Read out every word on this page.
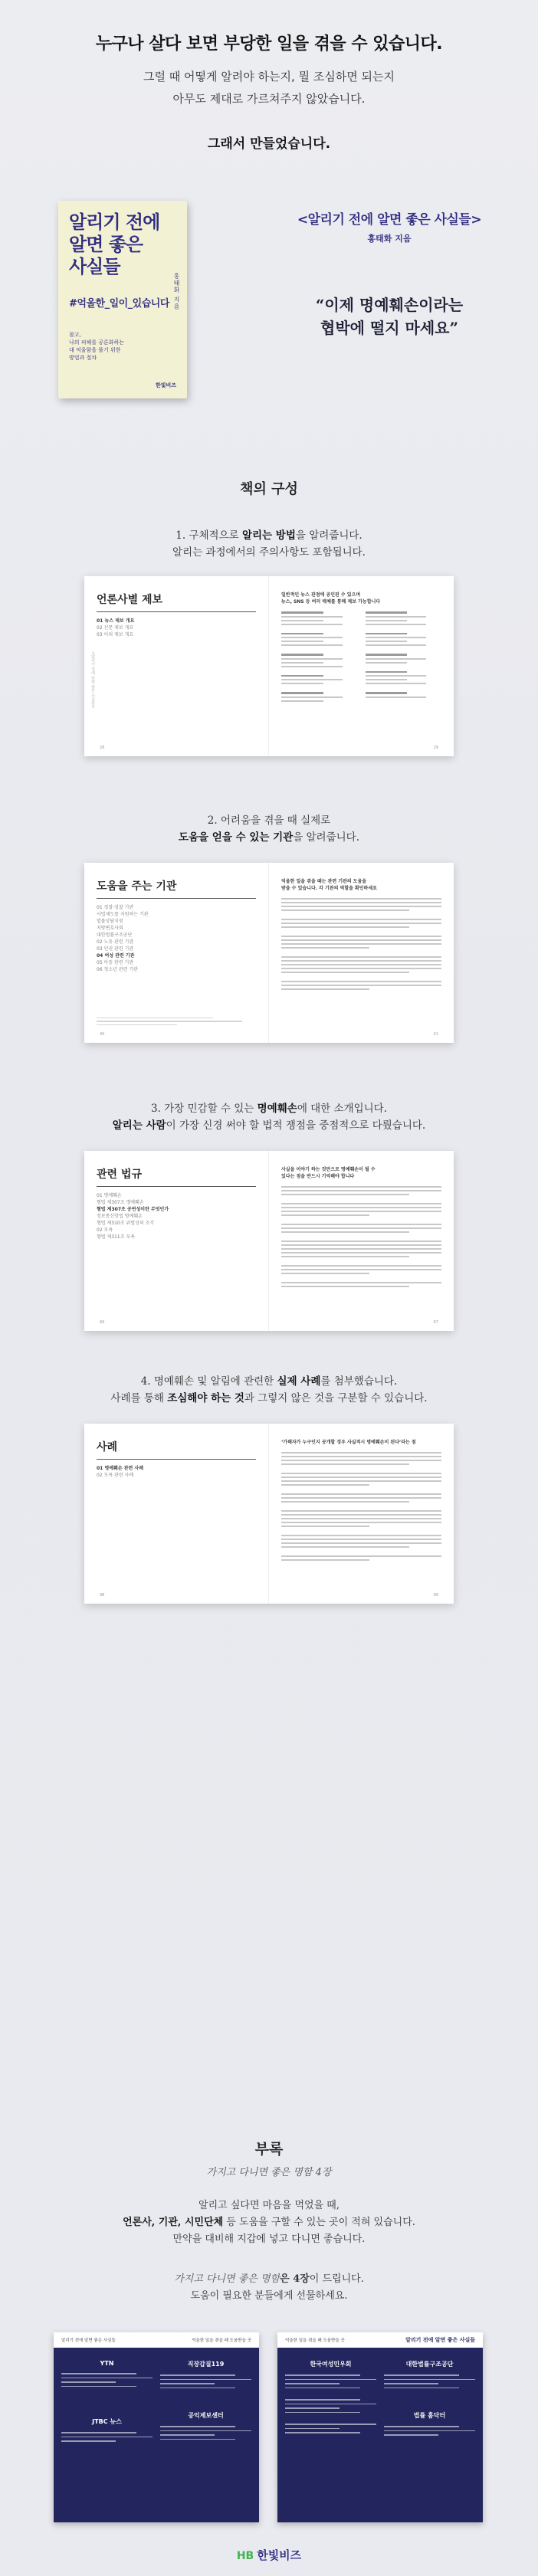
누구나 살다 보면 부당한 일을 겪을 수 있습니다.
그럴 때 어떻게 알려야 하는지, 뭘 조심하면 되는지
아무도 제대로 가르쳐주지 않았습니다.
그래서 만들었습니다.
알리기 전에 알면 좋은 사실들
홍태화 지음
#억울한_일이_있습니다
참고,
나의 피해를 공론화하는
대 억울함을 풀기 위한
방법과 절차
한빛비즈
<알리기 전에 알면 좋은 사실들>
홍태화 지음
“이제 명예훼손이라는
협박에 떨지 마세요”
책의 구성
1. 구체적으로 알리는 방법을 알려줍니다.
알리는 과정에서의 주의사항도 포함됩니다.
언론사별 제보
01 뉴스 제보 개요
02 신문 제보 개요
03 이외 제보 개요
<알리기 전에 알면 좋은 사실들>
28
일반적인 뉴스 관점에 공인된 수 있으며
뉴스, SNS 등 여러 매체를 통해 제보 가능합니다
29
2. 어려움을 겪을 때 실제로
도움을 얻을 수 있는 기관을 알려줍니다.
도움을 주는 기관
01 경찰·검찰 기관
사법제도를 지원하는 기관
법률상담지원
지방변호사회
대한법률구조공단
02 노동 관련 기관
03 인권 관련 기관
04 여성 관련 기관
05 아동 관련 기관
06 청소년 관련 기관
40
억울한 일을 겪을 때는 관련 기관의 도움을
받을 수 있습니다. 각 기관의 역할을 확인하세요
41
3. 가장 민감할 수 있는 명예훼손에 대한 소개입니다.
알리는 사람이 가장 신경 써야 할 법적 쟁점을 중점적으로 다뤘습니다.
관련 법규
01 명예훼손
형법 제307조 명예훼손
형법 제307조 공연성이란 무엇인가
정보통신망법 명예훼손
형법 제310조 위법성의 조각
02 모욕
형법 제311조 모욕
66
사실을 이야기 하는 것만으로 명예훼손이 될 수
있다는 점을 반드시 기억해야 합니다
67
4. 명예훼손 및 알림에 관련한 실제 사례를 첨부했습니다.
사례를 통해 조심해야 하는 것과 그렇지 않은 것을 구분할 수 있습니다.
사례
01 명예훼손 관련 사례
02 모욕 관련 사례
98
‘가해자가 누구인지 공개할 경우 사실적시 명예훼손이 된다’라는 점
99
부록
가지고 다니면 좋은 명함 4장
알리고 싶다면 마음을 먹었을 때,
언론사, 기관, 시민단체 등 도움을 구할 수 있는 곳이 적혀 있습니다.
만약을 대비해 지갑에 넣고 다니면 좋습니다.
가지고 다니면 좋은 명함은 4장이 드립니다.
도움이 필요한 분들에게 선물하세요.
알리기 전에 알면 좋은 사실들	억울한 일을 겪을 때 도움받을 곳
YTN
JTBC 뉴스
직장갑질119
공익제보센터
억울한 일을 겪을 때 도움받을 곳	알리기 전에 알면 좋은 사실들
한국여성민우회	대한법률구조공단
법률 홈닥터
HB 한빛비즈
